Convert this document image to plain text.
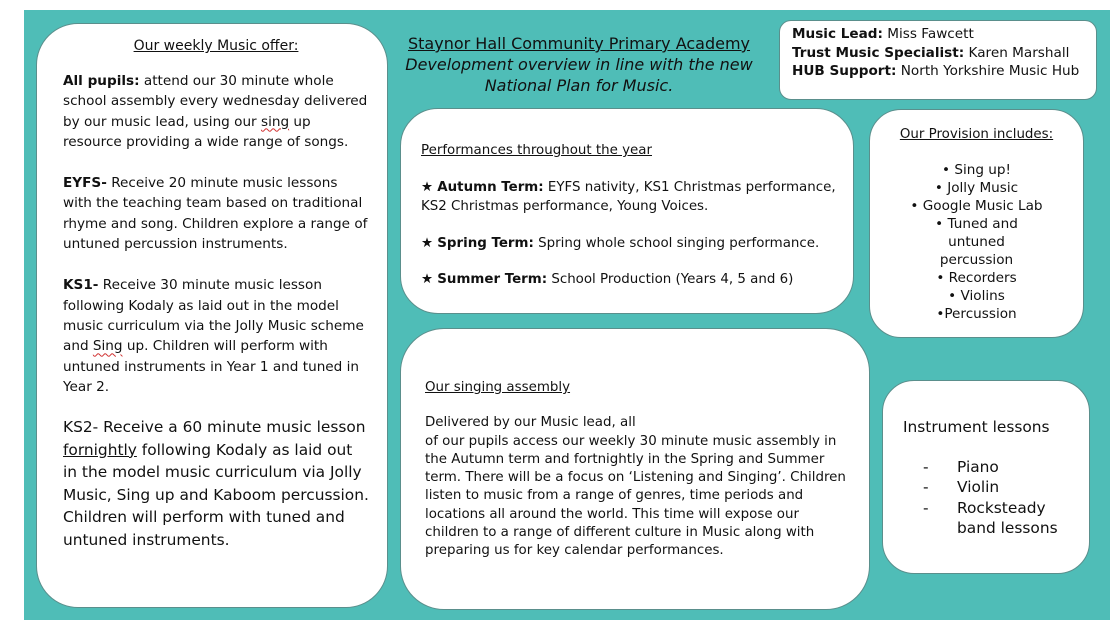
Our weekly Music offer:

All pupils: attend our 30 minute whole school assembly every wednesday delivered by our music lead, using our sing up resource providing a wide range of songs.

EYFS- Receive 20 minute music lessons with the teaching team based on traditional rhyme and song. Children explore a range of untuned percussion instruments.

KS1- Receive 30 minute music lesson following Kodaly as laid out in the model music curriculum via the Jolly Music scheme and Sing up. Children will perform with untuned instruments in Year 1 and tuned in Year 2.

KS2- Receive a 60 minute music lesson fornightly following Kodaly as laid out in the model music curriculum via Jolly Music, Sing up and Kaboom percussion. Children will perform with tuned and untuned instruments.

Staynor Hall Community Primary Academy
Development overview in line with the new
National Plan for Music.
Music Lead: Miss Fawcett
Trust Music Specialist: Karen Marshall
HUB Support: North Yorkshire Music Hub
Performances throughout the year
★ Autumn Term: EYFS nativity, KS1 Christmas performance, KS2 Christmas performance, Young Voices.
★ Spring Term: Spring whole school singing performance.
★ Summer Term: School Production (Years 4, 5 and 6)
Our Provision includes:
• Sing up!
• Jolly Music
• Google Music Lab
• Tuned and untuned percussion
• Recorders
• Violins
•Percussion
Our singing assembly
Delivered by our Music lead, all
of our pupils access our weekly 30 minute music assembly in the Autumn term and fortnightly in the Spring and Summer term. There will be a focus on ‘Listening and Singing’. Children listen to music from a range of genres, time periods and locations all around the world. This time will expose our children to a range of different culture in Music along with preparing us for key calendar performances.
Instrument lessons
-	Piano
-	Violin
-	Rocksteady band lessons
